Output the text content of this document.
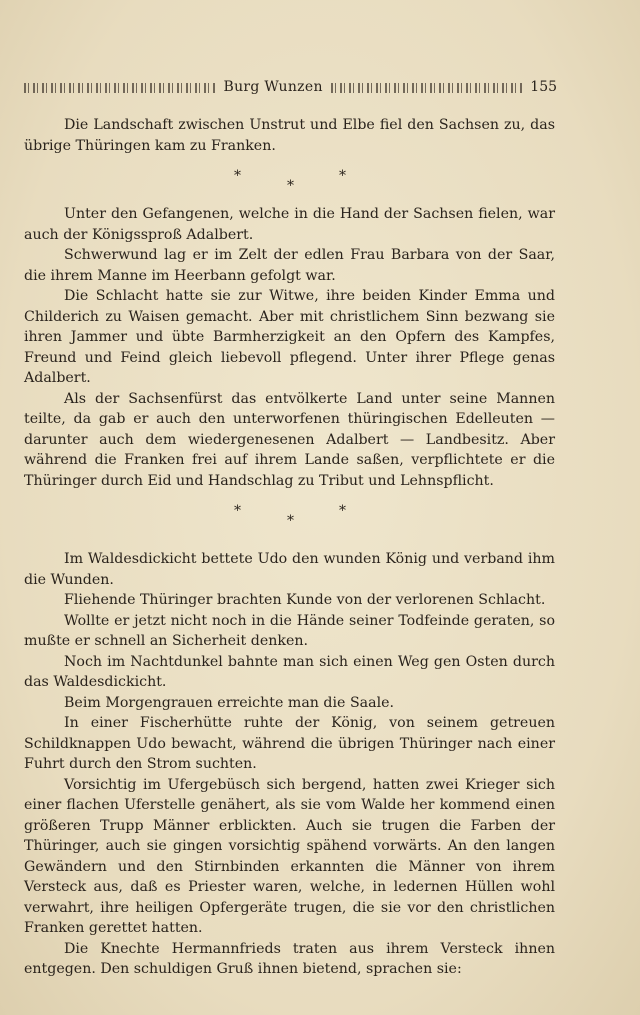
Burg Wunzen	155

Die Landschaft zwischen Unstrut und Elbe fiel den Sachsen zu, das übrige Thüringen kam zu Franken.

*
*
*

Unter den Gefangenen, welche in die Hand der Sachsen fielen, war auch der Königssproß Adalbert.

Schwerwund lag er im Zelt der edlen Frau Barbara von der Saar, die ihrem Manne im Heerbann gefolgt war.

Die Schlacht hatte sie zur Witwe, ihre beiden Kinder Emma und Childerich zu Waisen gemacht. Aber mit christlichem Sinn bezwang sie ihren Jammer und übte Barmherzigkeit an den Opfern des Kampfes, Freund und Feind gleich liebevoll pflegend. Unter ihrer Pflege genas Adalbert.

Als der Sachsenfürst das entvölkerte Land unter seine Mannen teilte, da gab er auch den unterworfenen thüringischen Edelleuten — darunter auch dem wiedergenesenen Adalbert — Landbesitz. Aber während die Franken frei auf ihrem Lande saßen, verpflichtete er die Thüringer durch Eid und Handschlag zu Tribut und Lehnspflicht.

*
*
*

Im Waldesdickicht bettete Udo den wunden König und verband ihm die Wunden.

Fliehende Thüringer brachten Kunde von der verlorenen Schlacht.

Wollte er jetzt nicht noch in die Hände seiner Todfeinde geraten, so mußte er schnell an Sicherheit denken.

Noch im Nachtdunkel bahnte man sich einen Weg gen Osten durch das Waldesdickicht.

Beim Morgengrauen erreichte man die Saale.

In einer Fischerhütte ruhte der König, von seinem getreuen Schildknappen Udo bewacht, während die übrigen Thüringer nach einer Fuhrt durch den Strom suchten.

Vorsichtig im Ufergebüsch sich bergend, hatten zwei Krieger sich einer flachen Uferstelle genähert, als sie vom Walde her kommend einen größeren Trupp Männer erblickten. Auch sie trugen die Farben der Thüringer, auch sie gingen vorsichtig spähend vorwärts. An den langen Gewändern und den Stirnbinden erkannten die Männer von ihrem Versteck aus, daß es Priester waren, welche, in ledernen Hüllen wohl verwahrt, ihre heiligen Opfergeräte trugen, die sie vor den christlichen Franken gerettet hatten.

Die Knechte Hermannfrieds traten aus ihrem Versteck ihnen entgegen. Den schuldigen Gruß ihnen bietend, sprachen sie:
